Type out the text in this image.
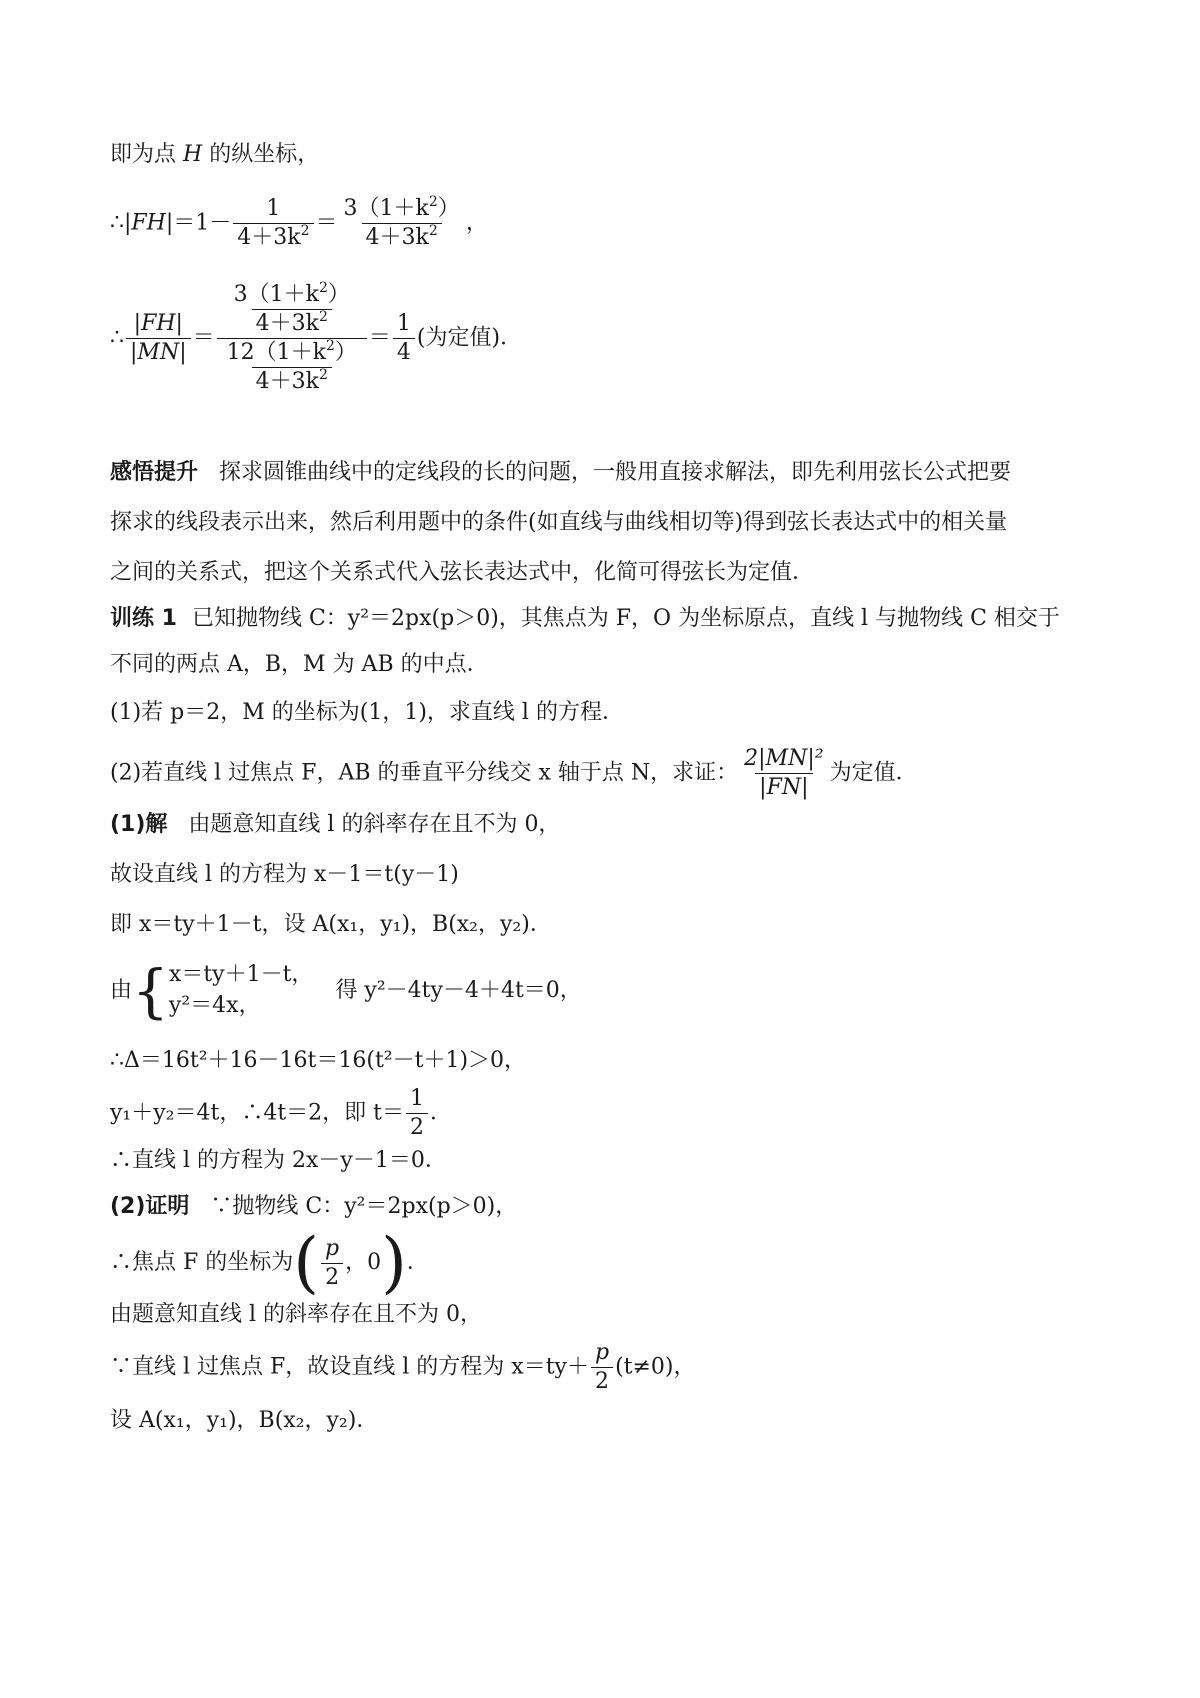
即为点 H 的纵坐标，
∴|FH|＝1－ $\frac{1}{4+3k^2} = \frac{3(1+k^2)}{4+3k^2}$ ，
∴ $\frac{|FH|}{|MN|} = \frac{\frac{3(1+k^2)}{4+3k^2}}{\frac{12(1+k^2)}{4+3k^2}} = \frac{1}{4}$ (为定值)．
感悟提升 探求圆锥曲线中的定线段的长的问题，一般用直接求解法，即先利用弦长公式把要
探求的线段表示出来，然后利用题中的条件(如直线与曲线相切等)得到弦长表达式中的相关量
之间的关系式，把这个关系式代入弦长表达式中，化简可得弦长为定值．
训练 1 已知抛物线 C：y²＝2px(p＞0)，其焦点为 F，O 为坐标原点，直线 l 与抛物线 C 相交于
不同的两点 A，B，M 为 AB 的中点．
(1)若 p＝2，M 的坐标为(1，1)，求直线 l 的方程．
(2)若直线 l 过焦点 F，AB 的垂直平分线交 x 轴于点 N，求证： $\frac{\text{2|MN|²}}{|FN|}$ 为定值．
(1)解 由题意知直线 l 的斜率存在且不为 0，
故设直线 l 的方程为 x－1＝t(y－1)
即 x＝ty＋1－t，设 A(x₁，y₁)，B(x₂，y₂)．
由 { x＝ty＋1－t，
y²＝4x，
得 y²－4ty－4＋4t＝0，
∴Δ＝16t²＋16－16t＝16(t²－t＋1)＞0，
y₁＋y₂＝4t，∴4t＝2，即 $t= \frac{1}{2}$ ．
∴直线 l 的方程为 2x－y－1＝0．
(2)证明 ∵抛物线 C：y²＝2px(p＞0)，
∴焦点 F 的坐标为 ( $\frac{p}{2}$ ，0 ) ．
由题意知直线 l 的斜率存在且不为 0，
∵直线 l 过焦点 F，故设直线 l 的方程为 $x=ty+ \frac{p}{2} (t\ne 0)$，
设 A(x₁，y₁)，B(x₂，y₂)．
